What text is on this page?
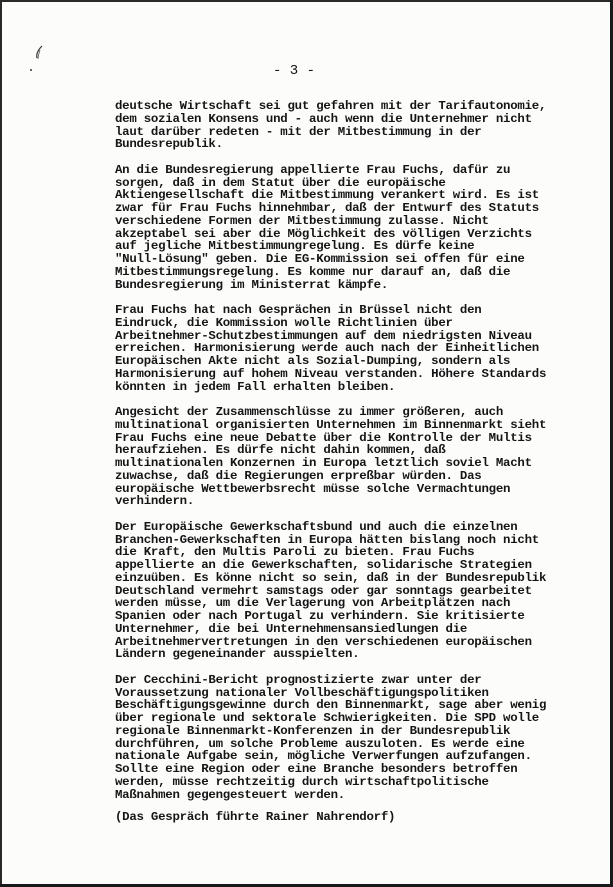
- 3 -

deutsche Wirtschaft sei gut gefahren mit der Tarifautonomie,
dem sozialen Konsens und - auch wenn die Unternehmer nicht
laut darüber redeten - mit der Mitbestimmung in der
Bundesrepublik.

An die Bundesregierung appellierte Frau Fuchs, dafür zu
sorgen, daß in dem Statut über die europäische
Aktiengesellschaft die Mitbestimmung verankert wird. Es ist
zwar für Frau Fuchs hinnehmbar, daß der Entwurf des Statuts
verschiedene Formen der Mitbestimmung zulasse. Nicht
akzeptabel sei aber die Möglichkeit des völligen Verzichts
auf jegliche Mitbestimmungregelung. Es dürfe keine
"Null-Lösung" geben. Die EG-Kommission sei offen für eine
Mitbestimmungsregelung. Es komme nur darauf an, daß die
Bundesregierung im Ministerrat kämpfe.

Frau Fuchs hat nach Gesprächen in Brüssel nicht den
Eindruck, die Kommission wolle Richtlinien über
Arbeitnehmer-Schutzbestimmungen auf dem niedrigsten Niveau
erreichen. Harmonisierung werde auch nach der Einheitlichen
Europäischen Akte nicht als Sozial-Dumping, sondern als
Harmonisierung auf hohem Niveau verstanden. Höhere Standards
könnten in jedem Fall erhalten bleiben.

Angesicht der Zusammenschlüsse zu immer größeren, auch
multinational organisierten Unternehmen im Binnenmarkt sieht
Frau Fuchs eine neue Debatte über die Kontrolle der Multis
heraufziehen. Es dürfe nicht dahin kommen, daß
multinationalen Konzernen in Europa letztlich soviel Macht
zuwachse, daß die Regierungen erpreßbar würden. Das
europäische Wettbewerbsrecht müsse solche Vermachtungen
verhindern.

Der Europäische Gewerkschaftsbund und auch die einzelnen
Branchen-Gewerkschaften in Europa hätten bislang noch nicht
die Kraft, den Multis Paroli zu bieten. Frau Fuchs
appellierte an die Gewerkschaften, solidarische Strategien
einzuüben. Es könne nicht so sein, daß in der Bundesrepublik
Deutschland vermehrt samstags oder gar sonntags gearbeitet
werden müsse, um die Verlagerung von Arbeitplätzen nach
Spanien oder nach Portugal zu verhindern. Sie kritisierte
Unternehmer, die bei Unternehmensansiedlungen die
Arbeitnehmervertretungen in den verschiedenen europäischen
Ländern gegeneinander ausspielten.

Der Cecchini-Bericht prognostizierte zwar unter der
Voraussetzung nationaler Vollbeschäftigungspolitiken
Beschäftigungsgewinne durch den Binnenmarkt, sage aber wenig
über regionale und sektorale Schwierigkeiten. Die SPD wolle
regionale Binnenmarkt-Konferenzen in der Bundesrepublik
durchführen, um solche Probleme auszuloten. Es werde eine
nationale Aufgabe sein, mögliche Verwerfungen aufzufangen.
Sollte eine Region oder eine Branche besonders betroffen
werden, müsse rechtzeitig durch wirtschaftpolitische
Maßnahmen gegengesteuert werden.

(Das Gespräch führte Rainer Nahrendorf)
